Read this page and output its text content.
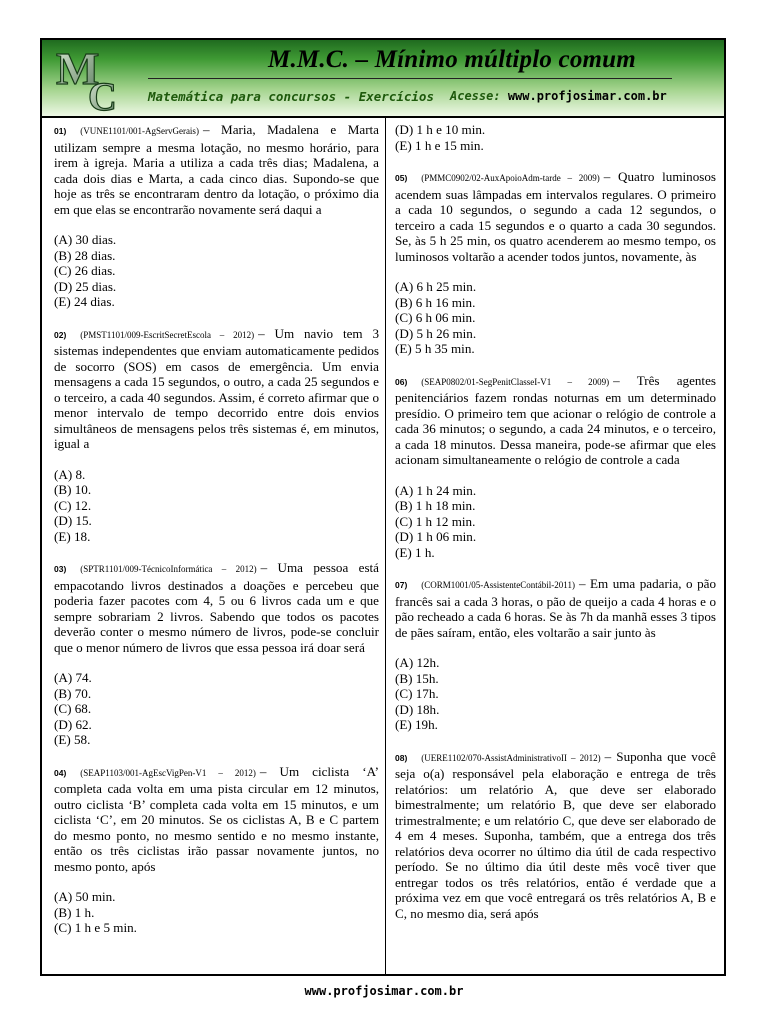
M
C
M.M.C. – Mínimo múltiplo comum
Matemática para concursos - Exercícios	Acesse: www.profjosimar.com.br
01) (VUNE1101/001-AgServGerais) – Maria, Madalena e Marta utilizam sempre a mesma lotação, no mesmo horário, para irem à igreja. Maria a utiliza a cada três dias; Madalena, a cada dois dias e Marta, a cada cinco dias. Supondo-se que hoje as três se encontraram dentro da lotação, o próximo dia em que elas se encontrarão novamente será daqui a
(A) 30 dias.
(B) 28 dias.
(C) 26 dias.
(D) 25 dias.
(E) 24 dias.
02) (PMST1101/009-EscritSecretEscola – 2012) – Um navio tem 3 sistemas independentes que enviam automaticamente pedidos de socorro (SOS) em casos de emergência. Um envia mensagens a cada 15 segundos, o outro, a cada 25 segundos e o terceiro, a cada 40 segundos. Assim, é correto afirmar que o menor intervalo de tempo decorrido entre dois envios simultâneos de mensagens pelos três sistemas é, em minutos, igual a
(A) 8.
(B) 10.
(C) 12.
(D) 15.
(E) 18.
03) (SPTR1101/009-TécnicoInformática – 2012) – Uma pessoa está empacotando livros destinados a doações e percebeu que poderia fazer pacotes com 4, 5 ou 6 livros cada um e que sempre sobrariam 2 livros. Sabendo que todos os pacotes deverão conter o mesmo número de livros, pode-se concluir que o menor número de livros que essa pessoa irá doar será
(A) 74.
(B) 70.
(C) 68.
(D) 62.
(E) 58.
04) (SEAP1103/001-AgEscVigPen-V1 – 2012) – Um ciclista ‘A’ completa cada volta em uma pista circular em 12 minutos, outro ciclista ‘B’ completa cada volta em 15 minutos, e um ciclista ‘C’, em 20 minutos. Se os ciclistas A, B e C partem do mesmo ponto, no mesmo sentido e no mesmo instante, então os três ciclistas irão passar novamente juntos, no mesmo ponto, após
(A) 50 min.
(B) 1 h.
(C) 1 h e 5 min.
(D) 1 h e 10 min.
(E) 1 h e 15 min.
05) (PMMC0902/02-AuxApoioAdm-tarde – 2009) – Quatro luminosos acendem suas lâmpadas em intervalos regulares. O primeiro a cada 10 segundos, o segundo a cada 12 segundos, o terceiro a cada 15 segundos e o quarto a cada 30 segundos. Se, às 5 h 25 min, os quatro acenderem ao mesmo tempo, os luminosos voltarão a acender todos juntos, novamente, às
(A) 6 h 25 min.
(B) 6 h 16 min.
(C) 6 h 06 min.
(D) 5 h 26 min.
(E) 5 h 35 min.
06) (SEAP0802/01-SegPenitClasseI-V1 – 2009) – Três agentes penitenciários fazem rondas noturnas em um determinado presídio. O primeiro tem que acionar o relógio de controle a cada 36 minutos; o segundo, a cada 24 minutos, e o terceiro, a cada 18 minutos. Dessa maneira, pode-se afirmar que eles acionam simultaneamente o relógio de controle a cada
(A) 1 h 24 min.
(B) 1 h 18 min.
(C) 1 h 12 min.
(D) 1 h 06 min.
(E) 1 h.
07) (CORM1001/05-AssistenteContábil-2011) – Em uma padaria, o pão francês sai a cada 3 horas, o pão de queijo a cada 4 horas e o pão recheado a cada 6 horas. Se às 7h da manhã esses 3 tipos de pães saíram, então, eles voltarão a sair junto às
(A) 12h.
(B) 15h.
(C) 17h.
(D) 18h.
(E) 19h.
08) (UERE1102/070-AssistAdministrativoII – 2012) – Suponha que você seja o(a) responsável pela elaboração e entrega de três relatórios: um relatório A, que deve ser elaborado bimestralmente; um relatório B, que deve ser elaborado trimestralmente; e um relatório C, que deve ser elaborado de 4 em 4 meses. Suponha, também, que a entrega dos três relatórios deva ocorrer no último dia útil de cada respectivo período. Se no último dia útil deste mês você tiver que entregar todos os três relatórios, então é verdade que a próxima vez em que você entregará os três relatórios A, B e C, no mesmo dia, será após
www.profjosimar.com.br
